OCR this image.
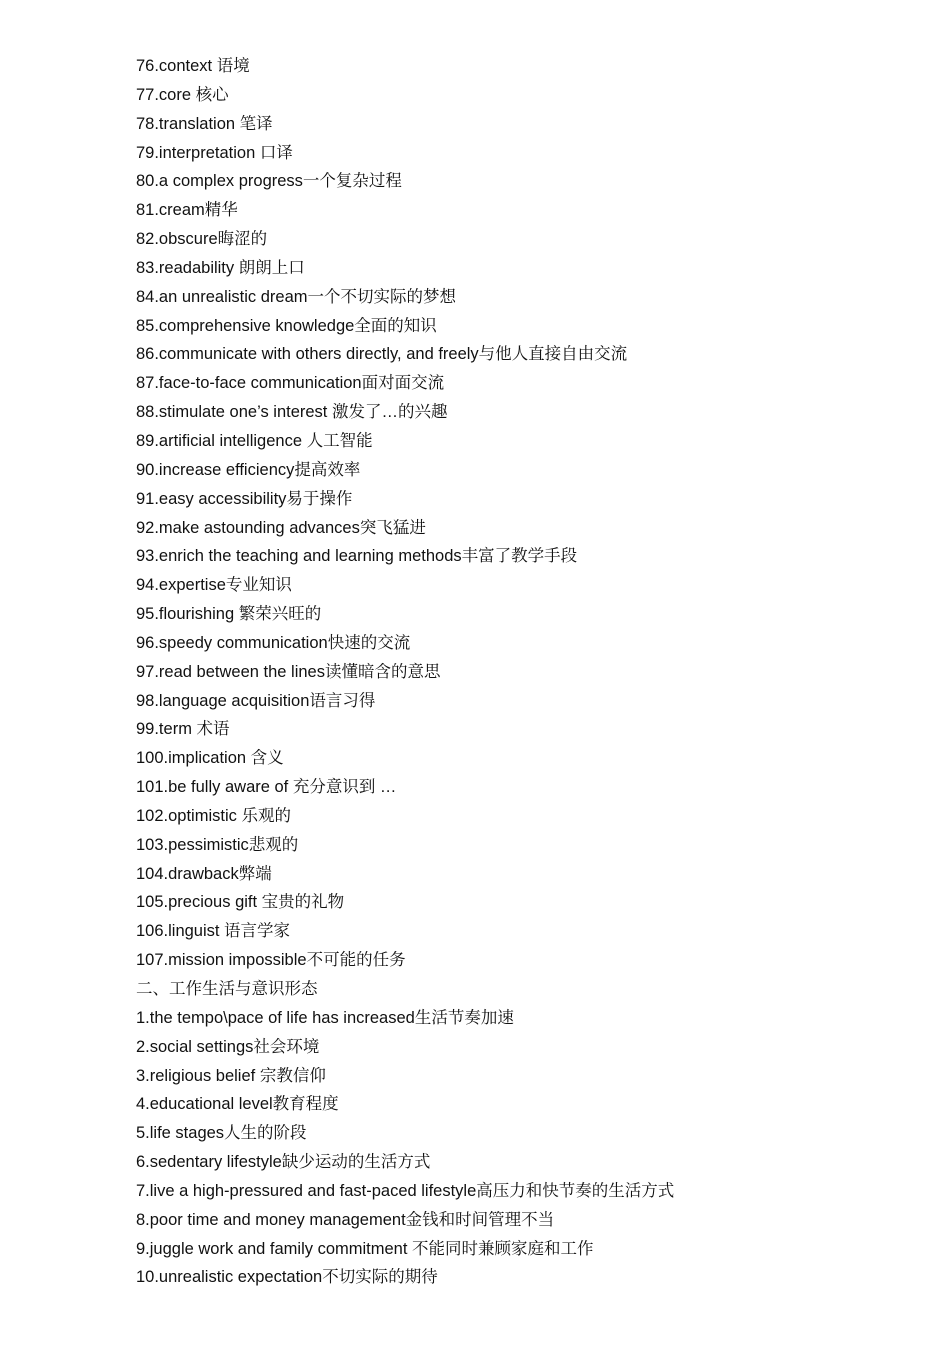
76.context 语境
77.core 核心
78.translation 笔译
79.interpretation 口译
80.a complex progress一个复杂过程
81.cream精华
82.obscure晦涩的
83.readability 朗朗上口
84.an unrealistic dream一个不切实际的梦想
85.comprehensive knowledge全面的知识
86.communicate with others directly, and freely与他人直接自由交流
87.face-to-face communication面对面交流
88.stimulate one’s interest 激发了…的兴趣
89.artificial intelligence 人工智能
90.increase efficiency提高效率
91.easy accessibility易于操作
92.make astounding advances突飞猛进
93.enrich the teaching and learning methods丰富了教学手段
94.expertise专业知识
95.flourishing 繁荣兴旺的
96.speedy communication快速的交流
97.read between the lines读懂暗含的意思
98.language acquisition语言习得
99.term 术语
100.implication 含义
101.be fully aware of 充分意识到 …
102.optimistic 乐观的
103.pessimistic悲观的
104.drawback弊端
105.precious gift 宝贵的礼物
106.linguist 语言学家
107.mission impossible不可能的任务
二、工作生活与意识形态
1.the tempo\pace of life has increased生活节奏加速
2.social settings社会环境
3.religious belief 宗教信仰
4.educational level教育程度
5.life stages人生的阶段
6.sedentary lifestyle缺少运动的生活方式
7.live a high-pressured and fast-paced lifestyle高压力和快节奏的生活方式
8.poor time and money management金钱和时间管理不当
9.juggle work and family commitment 不能同时兼顾家庭和工作
10.unrealistic expectation不切实际的期待
